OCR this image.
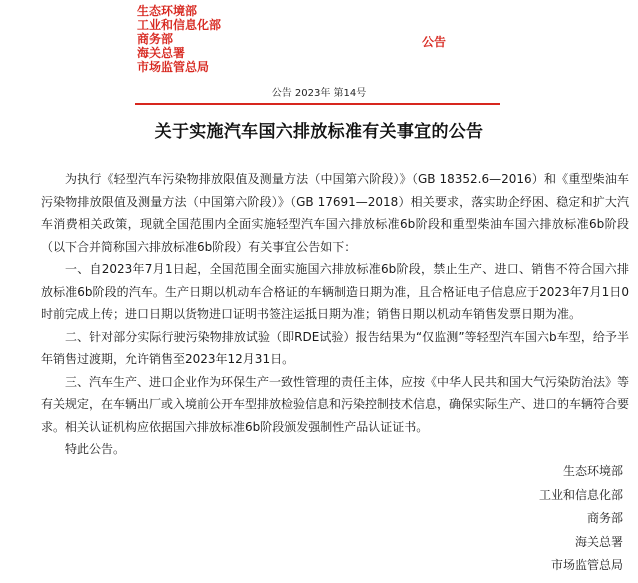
生态环境部
工业和信息化部
商务部
海关总署
市场监管总局
公告
公告 2023年 第14号
关于实施汽车国六排放标准有关事宜的公告

为执行《轻型汽车污染物排放限值及测量方法（中国第六阶段）》（GB 18352.6—2016）和《重型柴油车污染物排放限值及测量方法（中国第六阶段）》（GB 17691—2018）相关要求，落实助企纾困、稳定和扩大汽车消费相关政策，现就全国范围内全面实施轻型汽车国六排放标准6b阶段和重型柴油车国六排放标准6b阶段（以下合并简称国六排放标准6b阶段）有关事宜公告如下：

一、自2023年7月1日起，全国范围全面实施国六排放标准6b阶段，禁止生产、进口、销售不符合国六排放标准6b阶段的汽车。生产日期以机动车合格证的车辆制造日期为准，且合格证电子信息应于2023年7月1日0时前完成上传；进口日期以货物进口证明书签注运抵日期为准；销售日期以机动车销售发票日期为准。

二、针对部分实际行驶污染物排放试验（即RDE试验）报告结果为“仅监测”等轻型汽车国六b车型，给予半年销售过渡期，允许销售至2023年12月31日。

三、汽车生产、进口企业作为环保生产一致性管理的责任主体，应按《中华人民共和国大气污染防治法》等有关规定，在车辆出厂或入境前公开车型排放检验信息和污染控制技术信息，确保实际生产、进口的车辆符合要求。相关认证机构应依据国六排放标准6b阶段颁发强制性产品认证证书。

特此公告。

生态环境部
工业和信息化部
商务部
海关总署
市场监管总局
